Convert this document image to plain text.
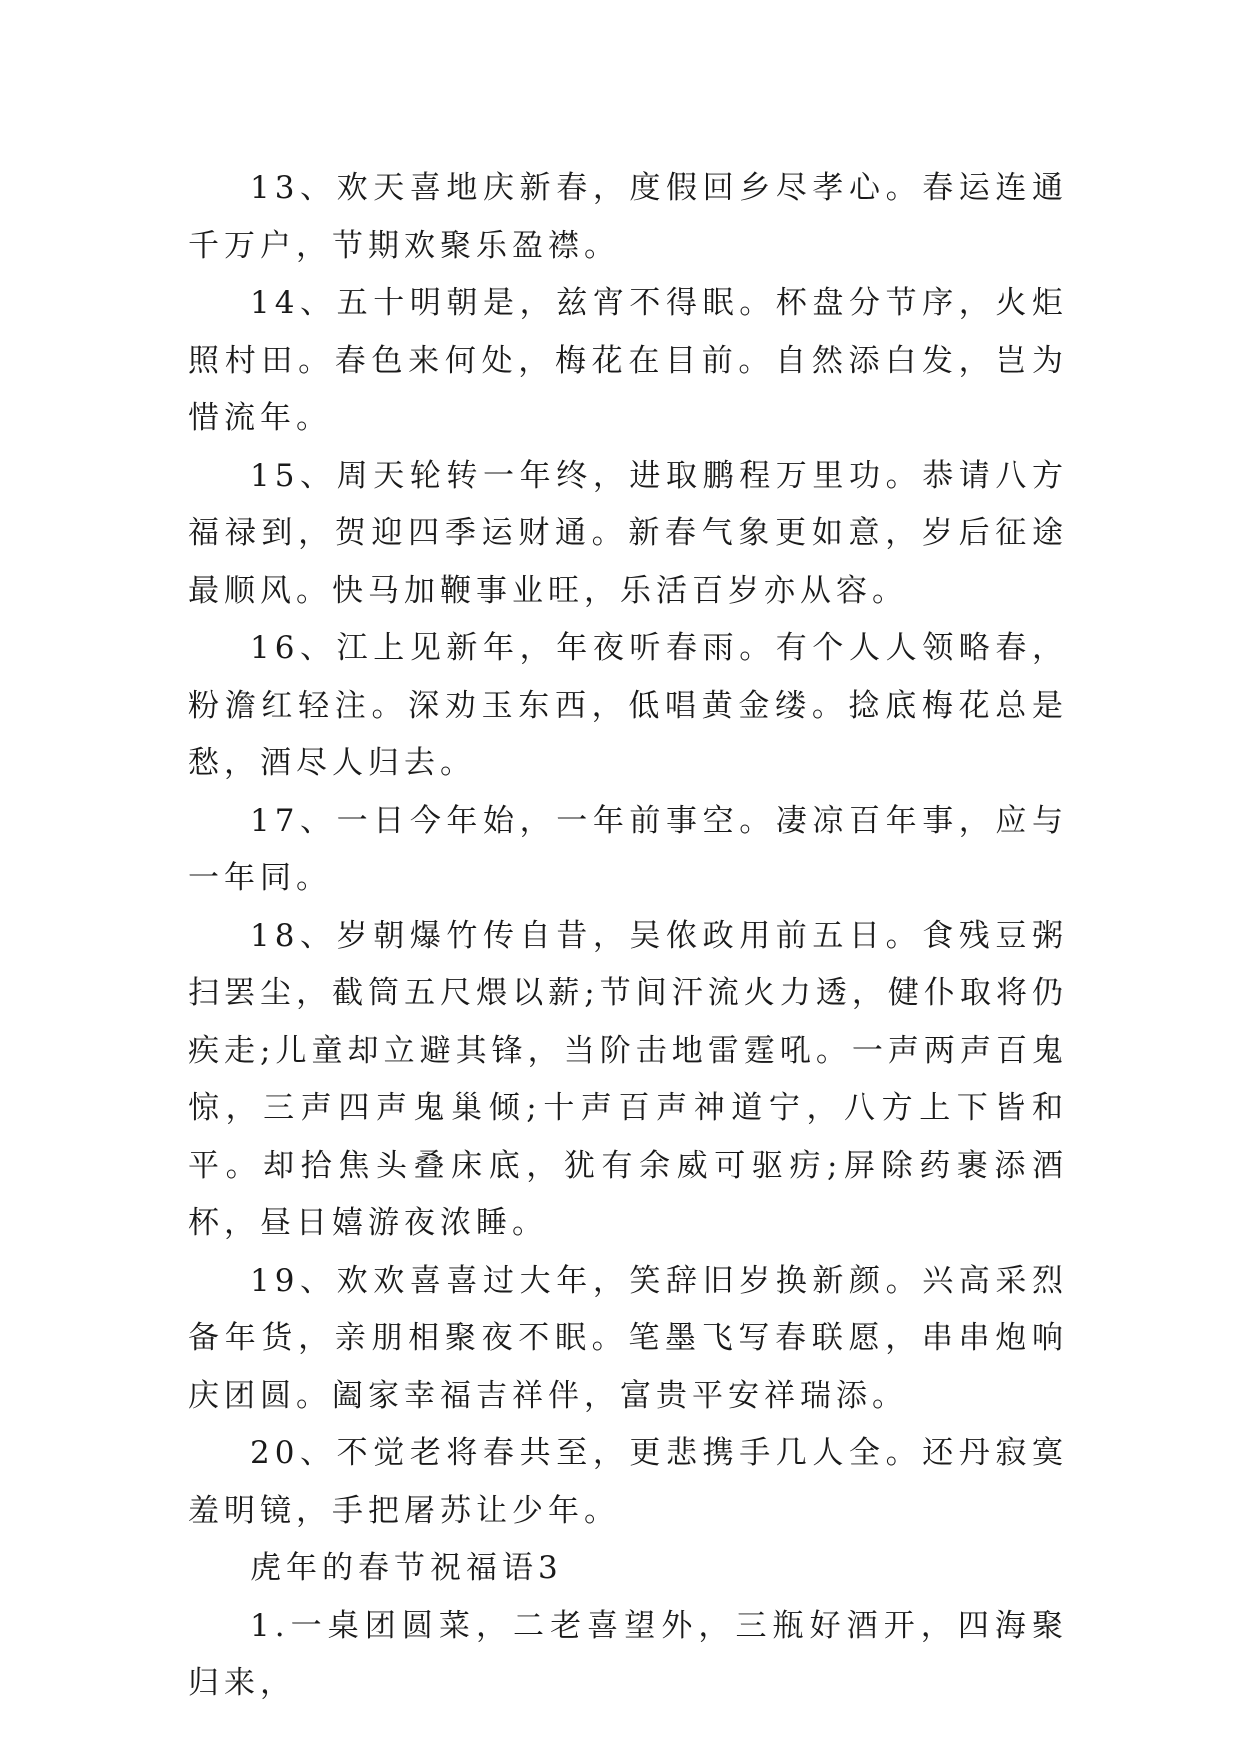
13、欢天喜地庆新春，度假回乡尽孝心。春运连通千万户，节期欢聚乐盈襟。

14、五十明朝是，兹宵不得眠。杯盘分节序，火炬照村田。春色来何处，梅花在目前。自然添白发，岂为惜流年。

15、周天轮转一年终，进取鹏程万里功。恭请八方福禄到，贺迎四季运财通。新春气象更如意，岁后征途最顺风。快马加鞭事业旺，乐活百岁亦从容。

16、江上见新年，年夜听春雨。有个人人领略春，粉澹红轻注。深劝玉东西，低唱黄金缕。捻底梅花总是愁，酒尽人归去。

17、一日今年始，一年前事空。凄凉百年事，应与一年同。

18、岁朝爆竹传自昔，吴侬政用前五日。食残豆粥扫罢尘，截筒五尺煨以薪;节间汗流火力透，健仆取将仍疾走;儿童却立避其锋，当阶击地雷霆吼。一声两声百鬼惊，三声四声鬼巢倾;十声百声神道宁，八方上下皆和平。却拾焦头叠床底，犹有余威可驱疠;屏除药裹添酒杯，昼日嬉游夜浓睡。

19、欢欢喜喜过大年，笑辞旧岁换新颜。兴高采烈备年货，亲朋相聚夜不眠。笔墨飞写春联愿，串串炮响庆团圆。阖家幸福吉祥伴，富贵平安祥瑞添。

20、不觉老将春共至，更悲携手几人全。还丹寂寞羞明镜，手把屠苏让少年。

虎年的春节祝福语3

1.一桌团圆菜，二老喜望外，三瓶好酒开，四海聚归来，
